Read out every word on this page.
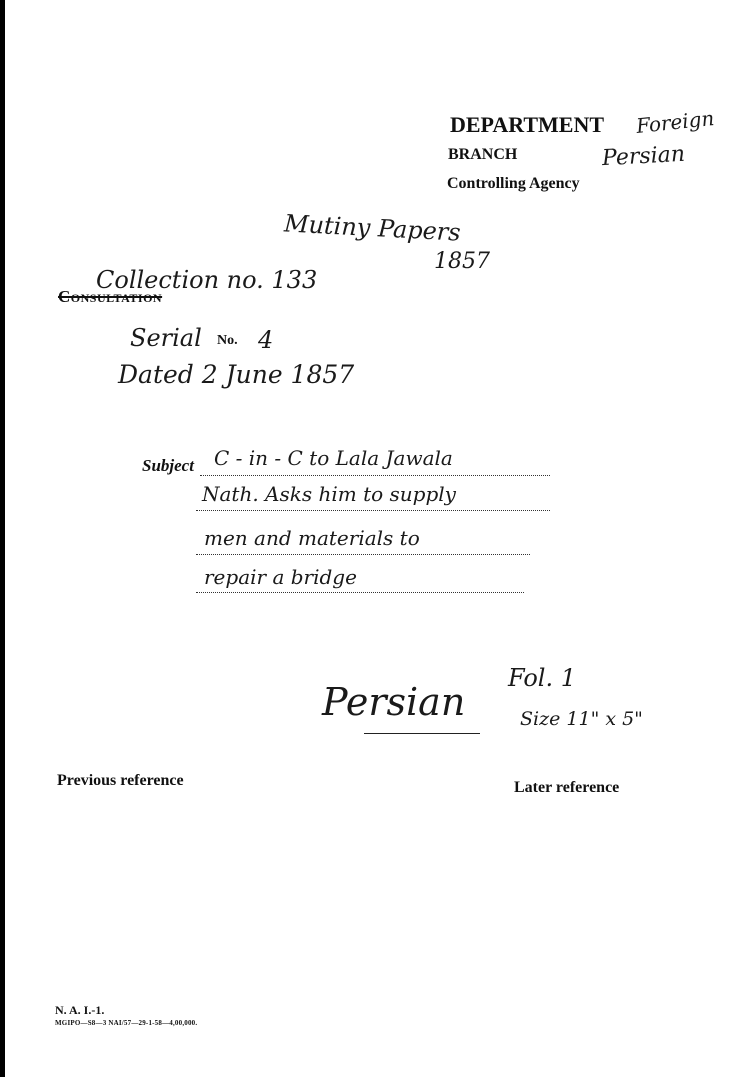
DEPARTMENT Foreign
BRANCH	Persian
Controlling Agency
Mutiny Papers
1857
Collection no. 133
Consultation
Serial No. 4
Dated 2 June 1857
Subject C - in - C to Lala Jawala
Nath. Asks him to supply
men and materials to
repair a bridge
Persian
Fol. 1
Size 11" x 5"
Previous reference	Later reference
N. A. I.-1.
MGIPO—S8—3 NAI/57—29-1-58—4,00,000.
